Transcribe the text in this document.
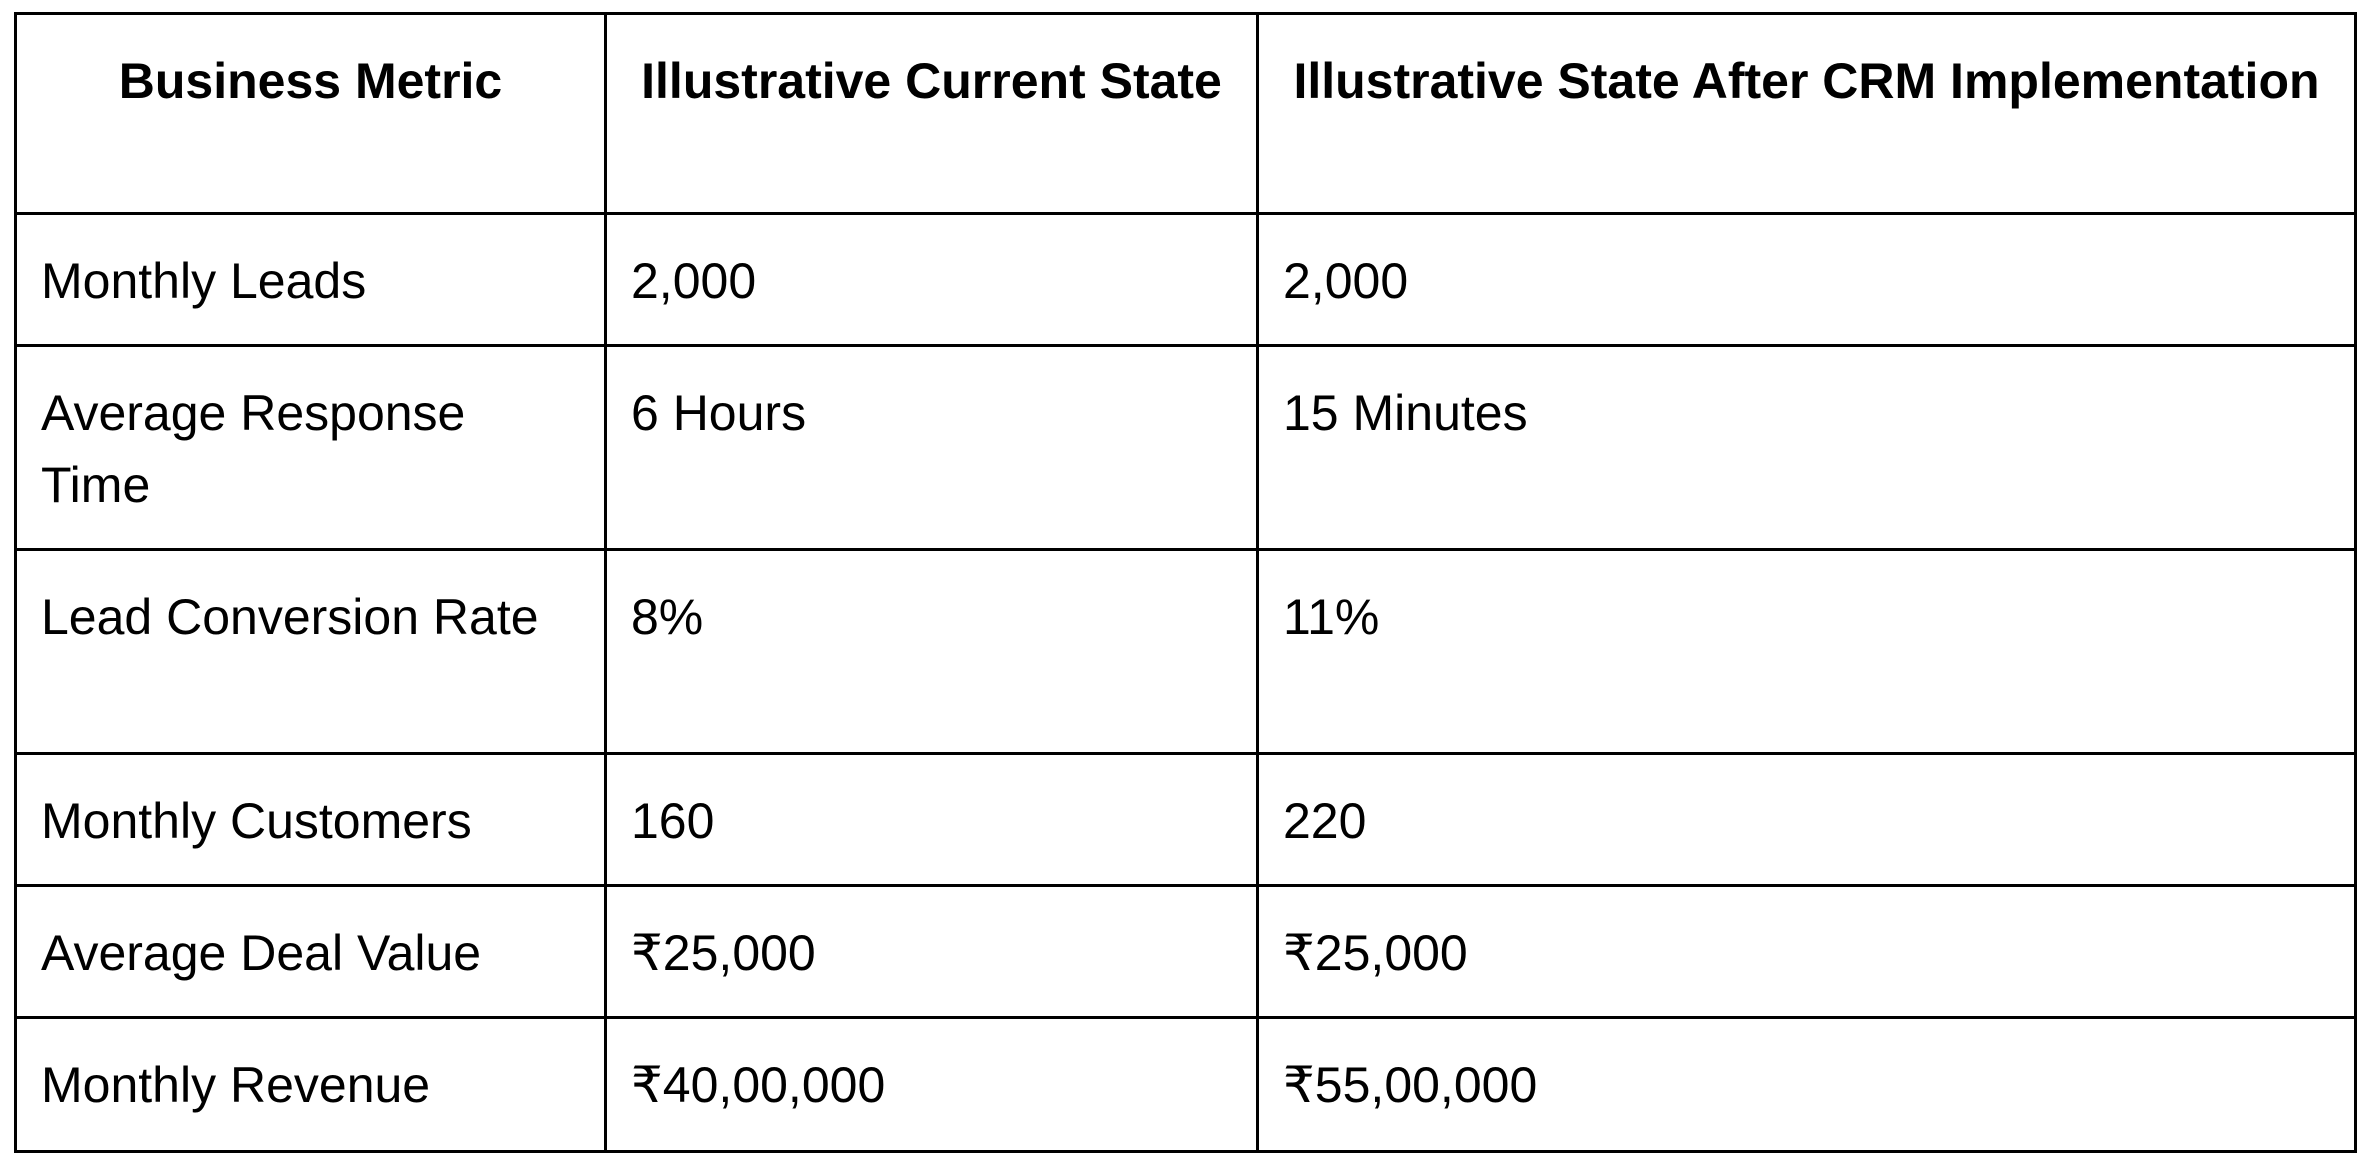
Business Metric	Illustrative Current State	Illustrative State After CRM Implementation
Monthly Leads	2,000	2,000
Average Response Time	6 Hours	15 Minutes
Lead Conversion Rate	8%	11%
Monthly Customers	160	220
Average Deal Value	₹25,000	₹25,000
Monthly Revenue	₹40,00,000	₹55,00,000
